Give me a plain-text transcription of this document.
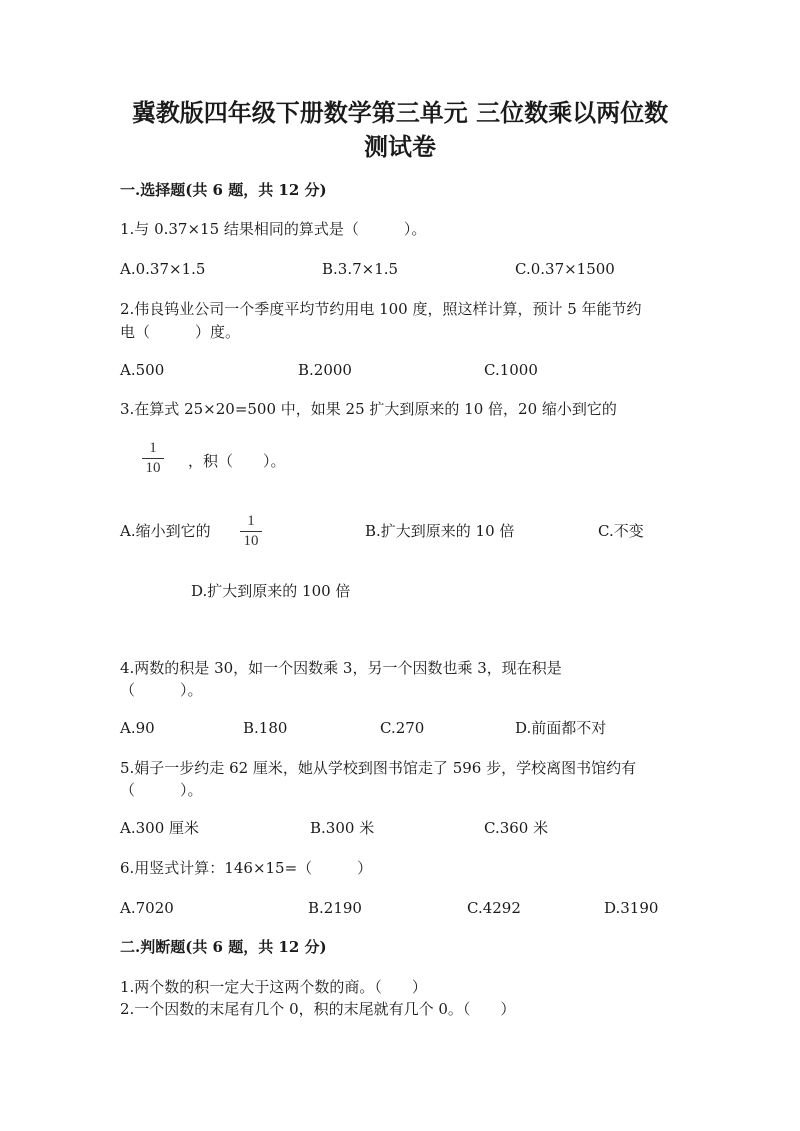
冀教版四年级下册数学第三单元 三位数乘以两位数
测试卷
一.选择题(共 6 题，共 12 分)
1.与 0.37×15 结果相同的算式是（　　　）。
A.0.37×1.5	B.3.7×1.5	C.0.37×1500
2.伟良钨业公司一个季度平均节约用电 100 度，照这样计算，预计 5 年能节约
电（　　　）度。
A.500	B.2000	C.1000
3.在算式 25×20=500 中，如果 25 扩大到原来的 10 倍，20 缩小到它的
1
10	，积（　　）。
A.缩小到它的
1
10
B.扩大到原来的 10 倍	C.不变
D.扩大到原来的 100 倍
4.两数的积是 30，如一个因数乘 3，另一个因数也乘 3，现在积是
（　　　）。
A.90	B.180	C.270	D.前面都不对
5.娟子一步约走 62 厘米，她从学校到图书馆走了 596 步，学校离图书馆约有
（　　　）。
A.300 厘米	B.300 米	C.360 米
6.用竖式计算：146×15=（　　　）
A.7020	B.2190	C.4292	D.3190
二.判断题(共 6 题，共 12 分)
1.两个数的积一定大于这两个数的商。（　　）
2.一个因数的末尾有几个 0，积的末尾就有几个 0。（　　）
